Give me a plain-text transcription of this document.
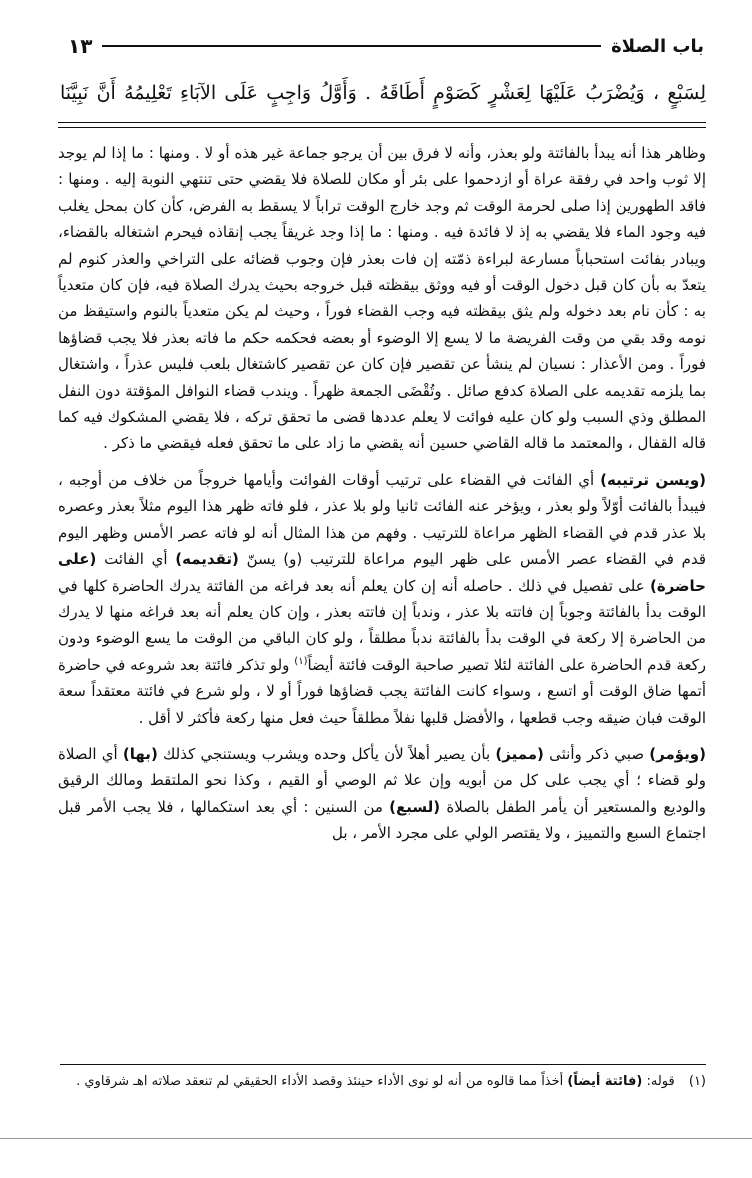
باب الصلاة
١٣
لِسَبْعٍ ، وَيُضْرَبُ عَلَيْهَا لِعَشْرٍ كَصَوْمٍ أَطَاقَهُ . وَأَوَّلُ وَاجِبٍ عَلَى الآبَاءِ تَعْلِيمُهُ أَنَّ نَبِيَّنَا

وظاهر هذا أنه يبدأ بالفائتة ولو بعذر، وأنه لا فرق بين أن يرجو جماعة غير هذه أو لا . ومنها : ما إذا لم يوجد إلا ثوب واحد في رفقة عراة أو ازدحموا على بئر أو مكان للصلاة فلا يقضي حتى تنتهي النوبة إليه . ومنها : فاقد الطهورين إذا صلى لحرمة الوقت ثم وجد خارج الوقت تراباً لا يسقط به الفرض، كأن كان بمحل يغلب فيه وجود الماء فلا يقضي به إذ لا فائدة فيه . ومنها : ما إذا وجد غريقاً يجب إنقاذه فيحرم اشتغاله بالقضاء، ويبادر بفائت استحباباً مسارعة لبراءة ذمّته إن فات بعذر فإن وجوب قضائه على التراخي والعذر كنوم لم يتعدّ به بأن كان قبل دخول الوقت أو فيه ووثق بيقظته قبل خروجه بحيث يدرك الصلاة فيه، فإن كان متعدياً به : كأن نام بعد دخوله ولم يثق بيقظته فيه وجب القضاء فوراً ، وحيث لم يكن متعدياً بالنوم واستيقظ من نومه وقد بقي من وقت الفريضة ما لا يسع إلا الوضوء أو بعضه فحكمه حكم ما فاته بعذر فلا يجب قضاؤها فوراً . ومن الأعذار : نسيان لم ينشأ عن تقصير فإن كان عن تقصير كاشتغال بلعب فليس عذراً ، واشتغال بما يلزمه تقديمه على الصلاة كدفع صائل . وتُقْضَى الجمعة ظهراً . ويندب قضاء النوافل المؤقتة دون النفل المطلق وذي السبب ولو كان عليه فوائت لا يعلم عددها قضى ما تحقق تركه ، فلا يقضي المشكوك فيه كما قاله القفال ، والمعتمد ما قاله القاضي حسين أنه يقضي ما زاد على ما تحقق فعله فيقضي ما ذكر .

(ويسن ترتيبه) أي الفائت في القضاء على ترتيب أوقات الفوائت وأيامها خروجاً من خلاف من أوجبه ، فيبدأ بالفائت أوّلاً ولو بعذر ، ويؤخر عنه الفائت ثانيا ولو بلا عذر ، فلو فاته ظهر هذا اليوم مثلاً بعذر وعصره بلا عذر قدم في القضاء الظهر مراعاة للترتيب . وفهم من هذا المثال أنه لو فاته عصر الأمس وظهر اليوم قدم في القضاء عصر الأمس على ظهر اليوم مراعاة للترتيب (و) يسنّ (تقديمه) أي الفائت (على حاضرة) على تفصيل في ذلك . حاصله أنه إن كان يعلم أنه بعد فراغه من الفائتة يدرك الحاضرة كلها في الوقت بدأ بالفائتة وجوباً إن فاتته بلا عذر ، وندباً إن فاتته بعذر ، وإن كان يعلم أنه بعد فراغه منها لا يدرك من الحاضرة إلا ركعة في الوقت بدأ بالفائتة ندباً مطلقاً ، ولو كان الباقي من الوقت ما يسع الوضوء ودون ركعة قدم الحاضرة على الفائتة لئلا تصير صاحبة الوقت فائتة أيضاً$^{(١)}$ ولو تذكر فائتة بعد شروعه في حاضرة أتمها ضاق الوقت أو اتسع ، وسواء كانت الفائتة يجب قضاؤها فوراً أو لا ، ولو شرع في فائتة معتقداً سعة الوقت فبان ضيقه وجب قطعها ، والأفضل قلبها نفلاً مطلقاً حيث فعل منها ركعة فأكثر لا أقل .

(ويؤمر) صبي ذكر وأنثى (مميز) بأن يصير أهلاً لأن يأكل وحده ويشرب ويستنجي كذلك (بها) أي الصلاة ولو قضاء ؛ أي يجب على كل من أبويه وإن علا ثم الوصي أو القيم ، وكذا نحو الملتقط ومالك الرقيق والوديع والمستعير أن يأمر الطفل بالصلاة (لسبع) من السنين : أي بعد استكمالها ، فلا يجب الأمر قبل اجتماع السبع والتمييز ، ولا يقتصر الولي على مجرد الأمر ، بل

(١) قوله: (فائتة أيضاً) أخذاً مما قالوه من أنه لو نوى الأداء حينئذ وقصد الأداء الحقيقي لم تنعقد صلاته اهـ شرقاوي .
